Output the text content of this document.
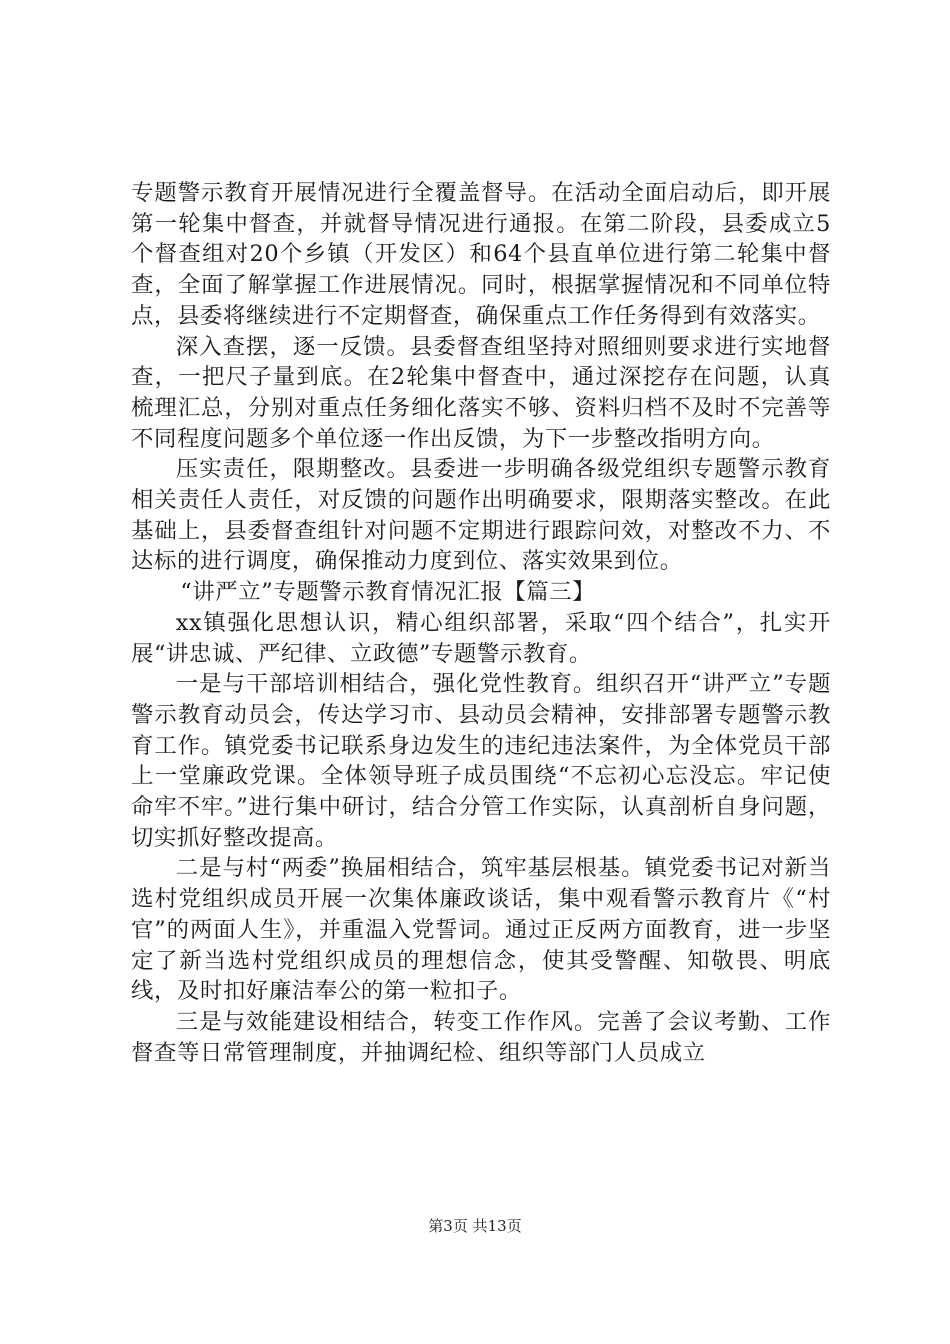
专题警示教育开展情况进行全覆盖督导。在活动全面启动后，即开展第一轮集中督查，并就督导情况进行通报。在第二阶段，县委成立5个督查组对20个乡镇（开发区）和64个县直单位进行第二轮集中督查，全面了解掌握工作进展情况。同时，根据掌握情况和不同单位特点，县委将继续进行不定期督查，确保重点工作任务得到有效落实。

深入查摆，逐一反馈。县委督查组坚持对照细则要求进行实地督查，一把尺子量到底。在2轮集中督查中，通过深挖存在问题，认真梳理汇总，分别对重点任务细化落实不够、资料归档不及时不完善等不同程度问题多个单位逐一作出反馈，为下一步整改指明方向。

压实责任，限期整改。县委进一步明确各级党组织专题警示教育相关责任人责任，对反馈的问题作出明确要求，限期落实整改。在此基础上，县委督查组针对问题不定期进行跟踪问效，对整改不力、不达标的进行调度，确保推动力度到位、落实效果到位。

“讲严立”专题警示教育情况汇报【篇三】

xx镇强化思想认识，精心组织部署，采取“四个结合”，扎实开展“讲忠诚、严纪律、立政德”专题警示教育。

一是与干部培训相结合，强化党性教育。组织召开“讲严立”专题警示教育动员会，传达学习市、县动员会精神，安排部署专题警示教育工作。镇党委书记联系身边发生的违纪违法案件，为全体党员干部上一堂廉政党课。全体领导班子成员围绕“不忘初心忘没忘。牢记使命牢不牢。”进行集中研讨，结合分管工作实际，认真剖析自身问题，切实抓好整改提高。

二是与村“两委”换届相结合，筑牢基层根基。镇党委书记对新当选村党组织成员开展一次集体廉政谈话，集中观看警示教育片《“村官”的两面人生》，并重温入党誓词。通过正反两方面教育，进一步坚定了新当选村党组织成员的理想信念，使其受警醒、知敬畏、明底线，及时扣好廉洁奉公的第一粒扣子。

三是与效能建设相结合，转变工作作风。完善了会议考勤、工作督查等日常管理制度，并抽调纪检、组织等部门人员成立

第3页 共13页
